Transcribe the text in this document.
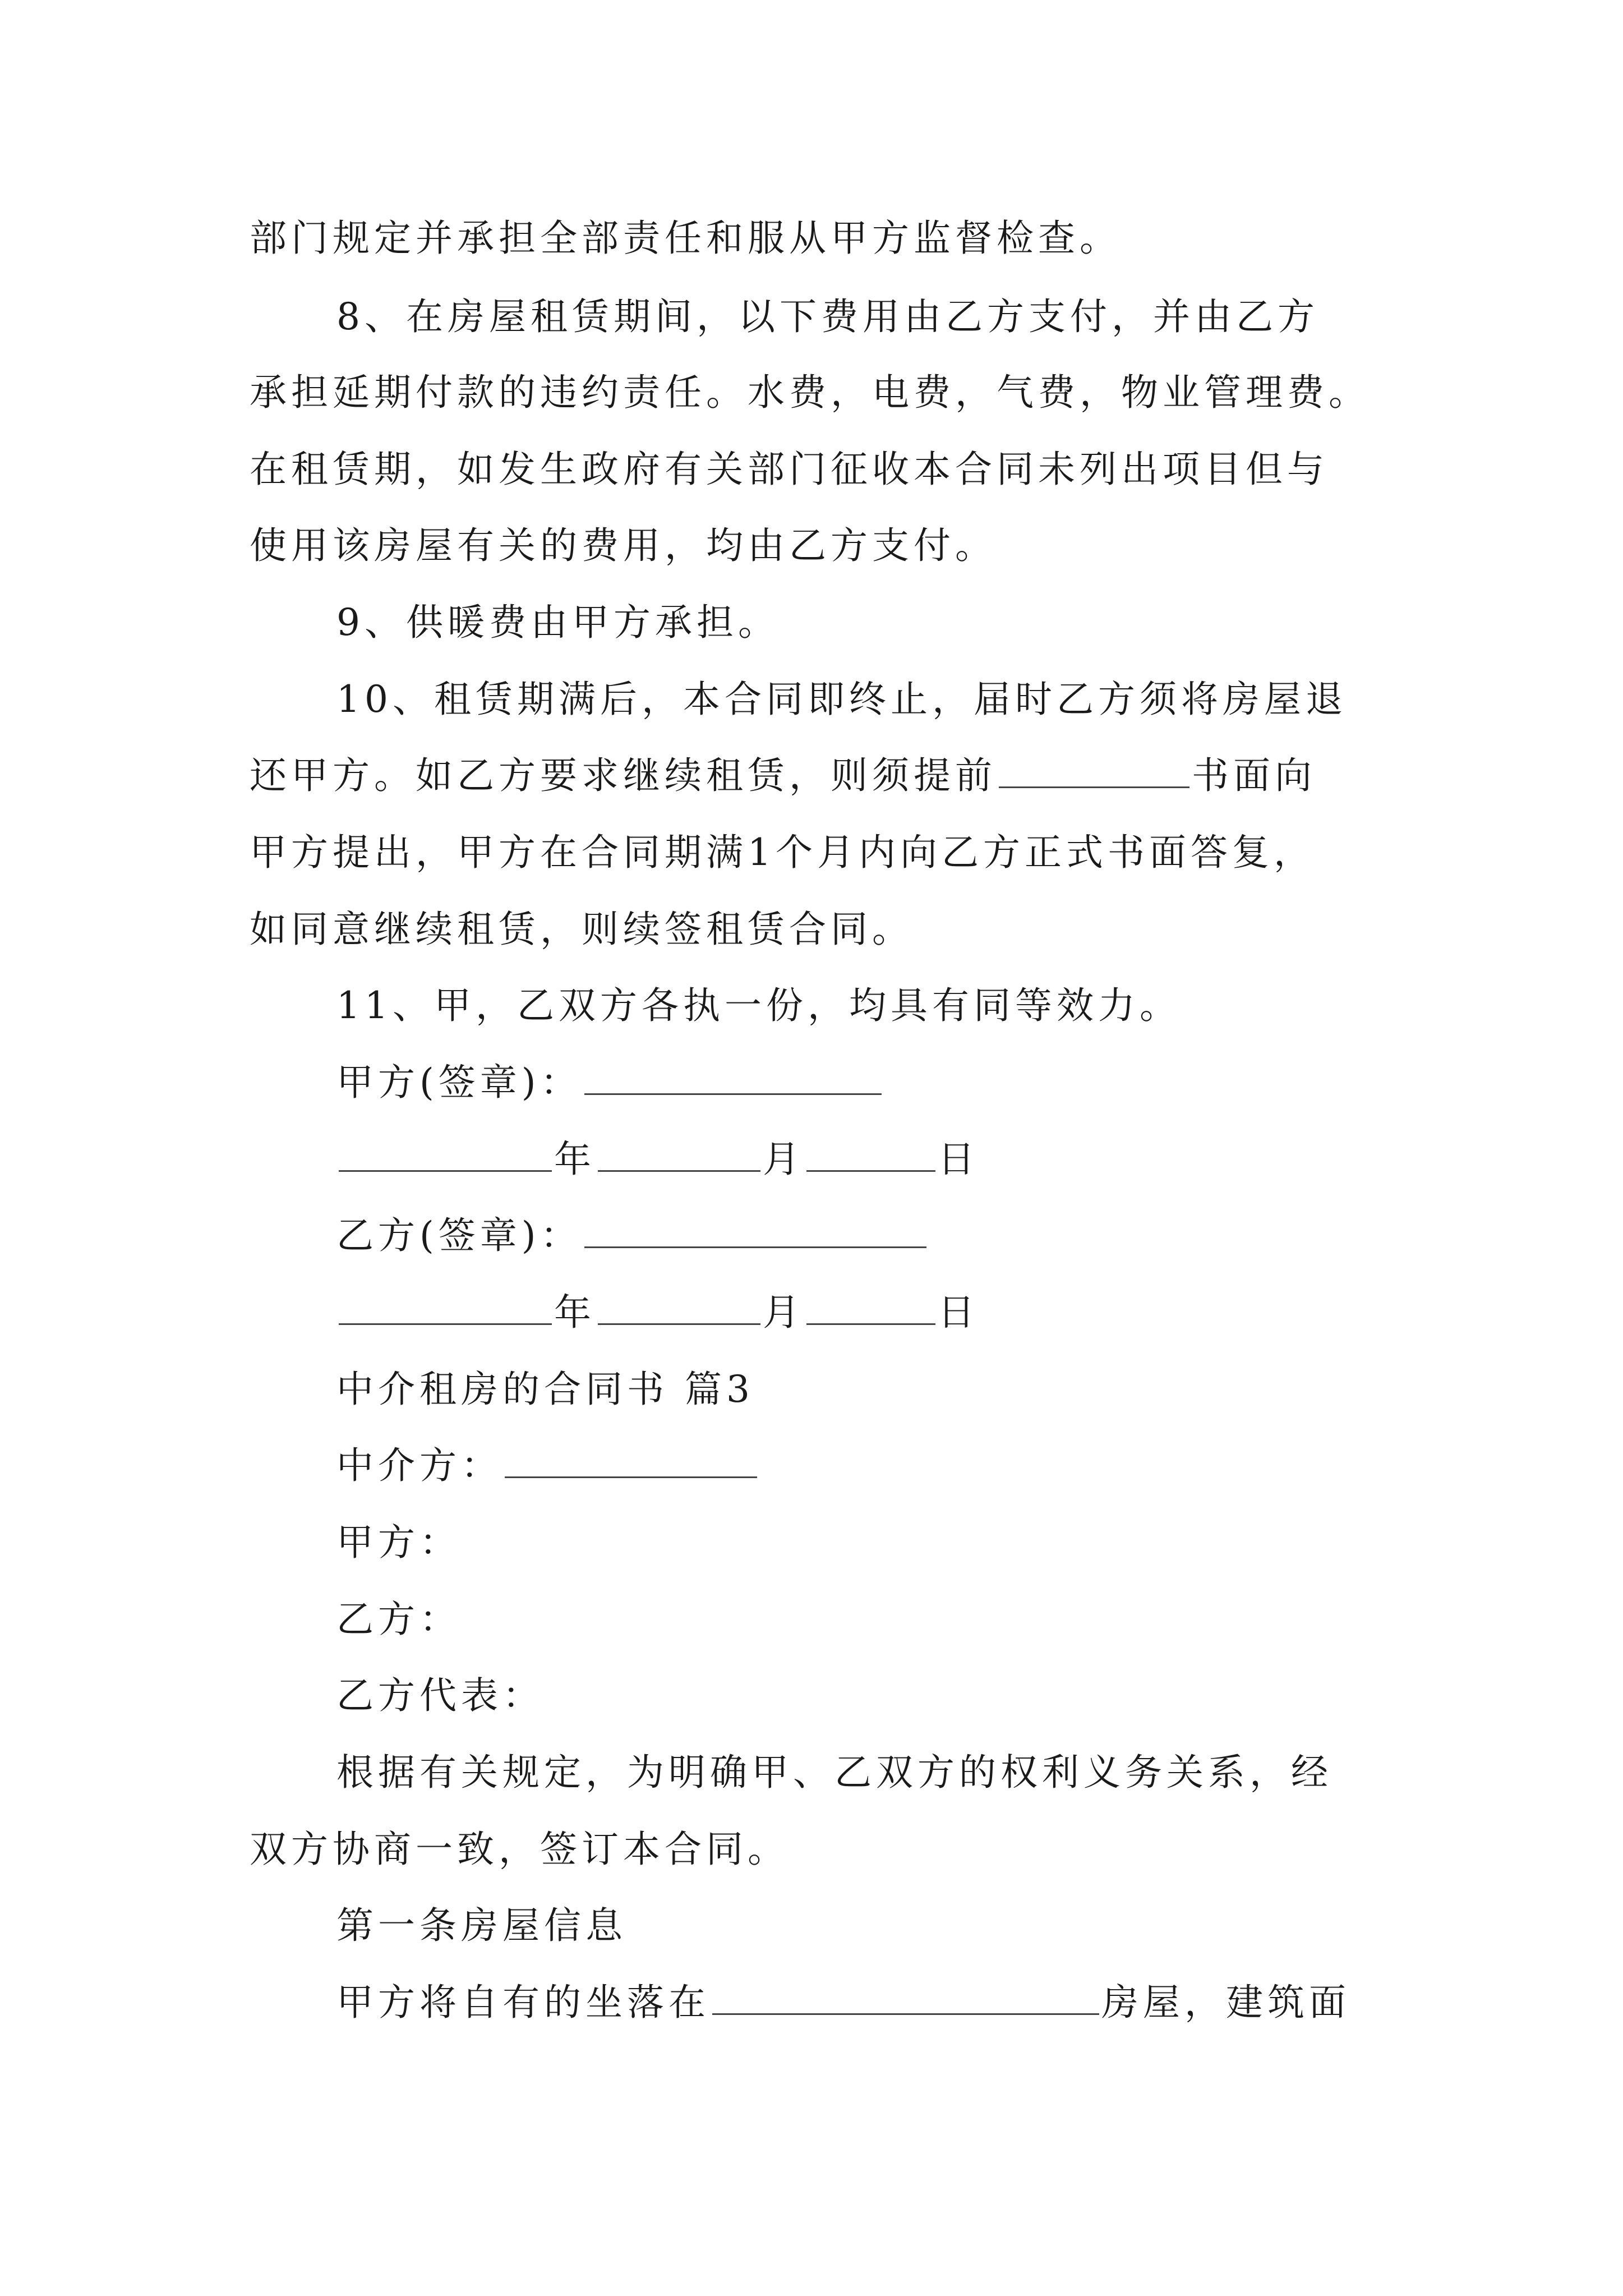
部门规定并承担全部责任和服从甲方监督检查。
8、在房屋租赁期间，以下费用由乙方支付，并由乙方
承担延期付款的违约责任。水费，电费，气费，物业管理费。
在租赁期，如发生政府有关部门征收本合同未列出项目但与
使用该房屋有关的费用，均由乙方支付。
9、供暖费由甲方承担。
10、租赁期满后，本合同即终止，届时乙方须将房屋退
还甲方。如乙方要求继续租赁，则须提前	书面向
甲方提出，甲方在合同期满1个月内向乙方正式书面答复，
如同意继续租赁，则续签租赁合同。
11、甲，乙双方各执一份，均具有同等效力。
甲方(签章)：
年	月	日
乙方(签章)：
年	月	日
中介租房的合同书 篇3
中介方：
甲方：
乙方：
乙方代表：
根据有关规定，为明确甲、乙双方的权利义务关系，经
双方协商一致，签订本合同。
第一条房屋信息
甲方将自有的坐落在	房屋，建筑面
